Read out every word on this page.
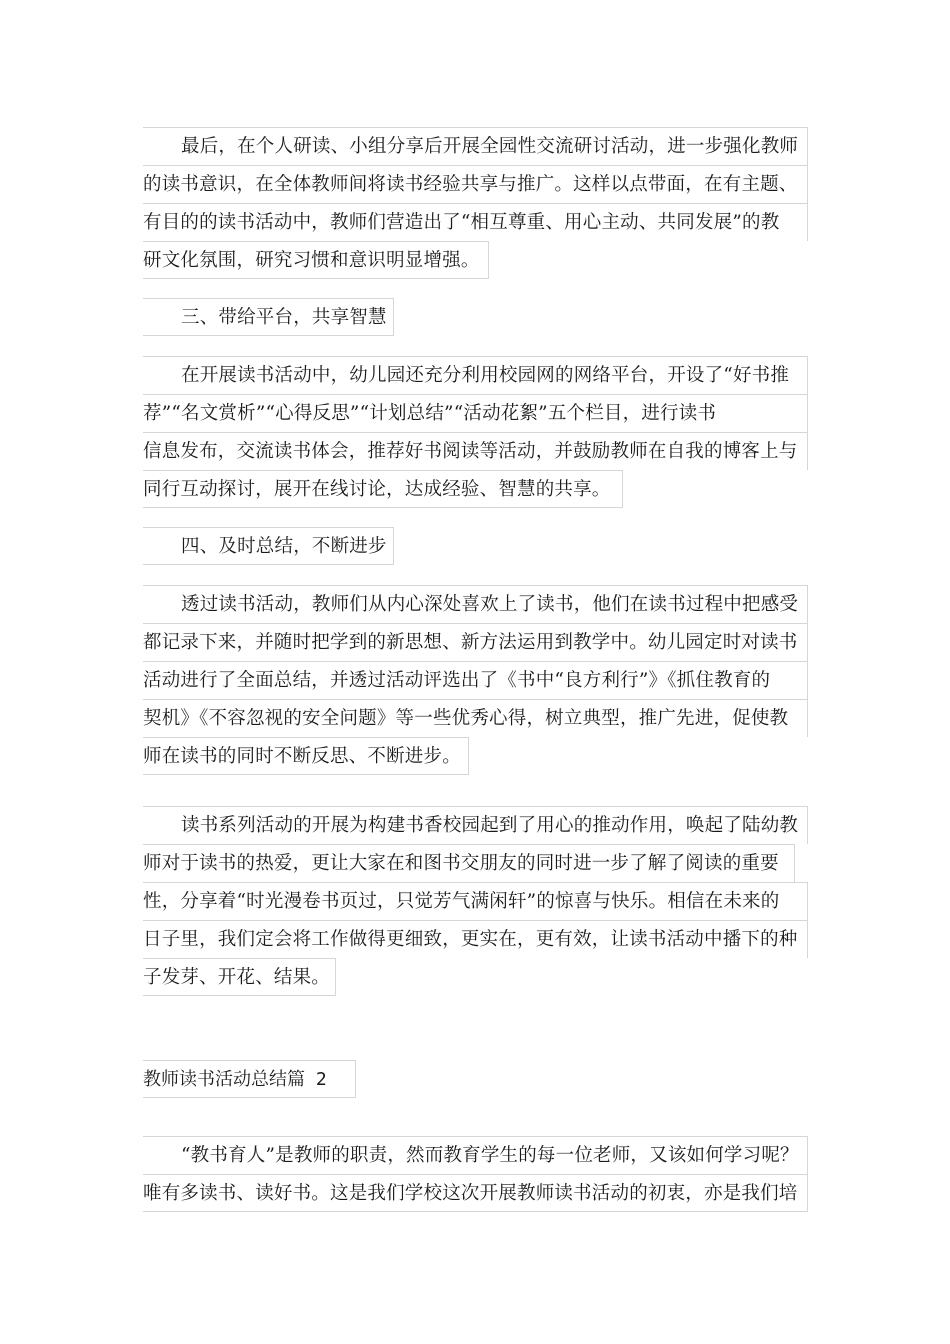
最后，在个人研读、小组分享后开展全园性交流研讨活动，进一步强化教师
的读书意识，在全体教师间将读书经验共享与推广。这样以点带面，在有主题、
有目的的读书活动中，教师们营造出了“相互尊重、用心主动、共同发展”的教
研文化氛围，研究习惯和意识明显增强。
三、带给平台，共享智慧
在开展读书活动中，幼儿园还充分利用校园网的网络平台，开设了“好书推
荐”“名文赏析”“心得反思”“计划总结”“活动花絮”五个栏目，进行读书
信息发布，交流读书体会，推荐好书阅读等活动，并鼓励教师在自我的博客上与
同行互动探讨，展开在线讨论，达成经验、智慧的共享。
四、及时总结，不断进步
透过读书活动，教师们从内心深处喜欢上了读书，他们在读书过程中把感受
都记录下来，并随时把学到的新思想、新方法运用到教学中。幼儿园定时对读书
活动进行了全面总结，并透过活动评选出了《书中“良方利行”》《抓住教育的
契机》《不容忽视的安全问题》等一些优秀心得，树立典型，推广先进，促使教
师在读书的同时不断反思、不断进步。
读书系列活动的开展为构建书香校园起到了用心的推动作用，唤起了陆幼教
师对于读书的热爱，更让大家在和图书交朋友的同时进一步了解了阅读的重要
性，分享着“时光漫卷书页过，只觉芳气满闲轩”的惊喜与快乐。相信在未来的
日子里，我们定会将工作做得更细致，更实在，更有效，让读书活动中播下的种
子发芽、开花、结果。
教师读书活动总结篇 2
“教书育人”是教师的职责，然而教育学生的每一位老师，又该如何学习呢？
唯有多读书、读好书。这是我们学校这次开展教师读书活动的初衷，亦是我们培
